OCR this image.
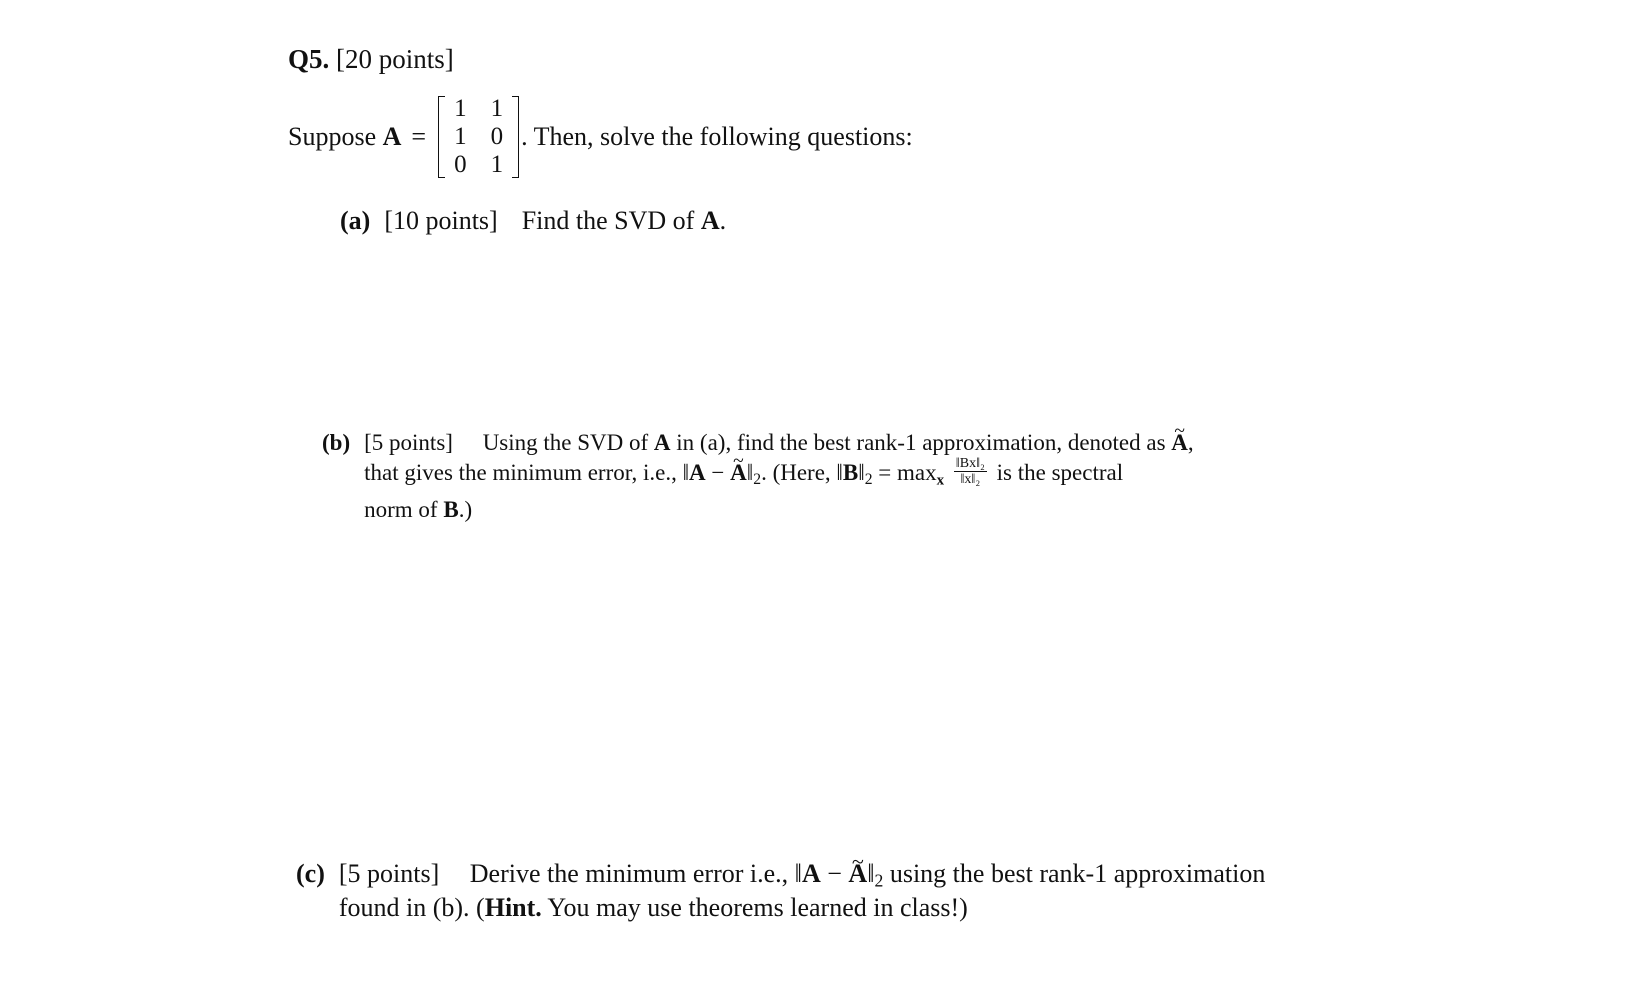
Q5. [20 points]
Suppose
A =
1	1
1	0
0	1
. Then, solve the following questions:
(a) [10 points] Find the SVD of A.
(b) [5 points] Using the SVD of A in (a), find the best rank-1 approximation, denoted as ~ A,
that gives the minimum error, i.e., ‖A − ~ $A‖_2$. (Here, $‖B‖_2 = \max x \frac{\text{‖Bx‖₂}}{\text{‖x‖₂}}$ is the spectral
norm of B.)
(c) [5 points] Derive the minimum error i.e., ‖A − ~ $A‖_2$ using the best rank-1 approximation
found in (b). (Hint. You may use theorems learned in class!)
